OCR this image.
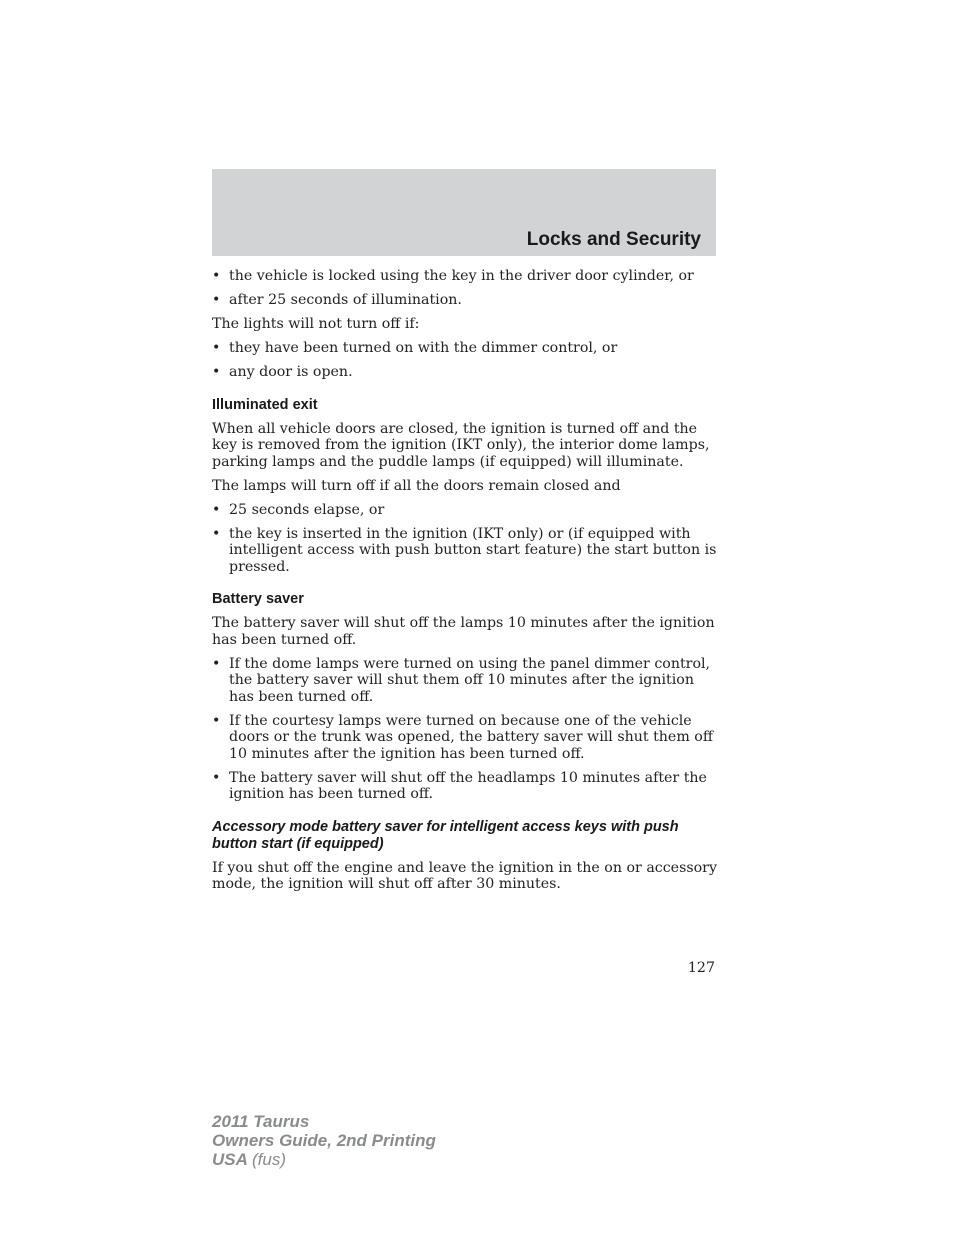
Locks and Security
• the vehicle is locked using the key in the driver door cylinder, or
• after 25 seconds of illumination.
The lights will not turn off if:
• they have been turned on with the dimmer control, or
• any door is open.
Illuminated exit
When all vehicle doors are closed, the ignition is turned off and the key is removed from the ignition (IKT only), the interior dome lamps, parking lamps and the puddle lamps (if equipped) will illuminate.
The lamps will turn off if all the doors remain closed and
• 25 seconds elapse, or
• the key is inserted in the ignition (IKT only) or (if equipped with intelligent access with push button start feature) the start button is pressed.
Battery saver
The battery saver will shut off the lamps 10 minutes after the ignition has been turned off.
• If the dome lamps were turned on using the panel dimmer control, the battery saver will shut them off 10 minutes after the ignition has been turned off.
• If the courtesy lamps were turned on because one of the vehicle doors or the trunk was opened, the battery saver will shut them off 10 minutes after the ignition has been turned off.
• The battery saver will shut off the headlamps 10 minutes after the ignition has been turned off.
Accessory mode battery saver for intelligent access keys with push button start (if equipped)
If you shut off the engine and leave the ignition in the on or accessory mode, the ignition will shut off after 30 minutes.
127
2011 Taurus
Owners Guide, 2nd Printing
USA (fus)
